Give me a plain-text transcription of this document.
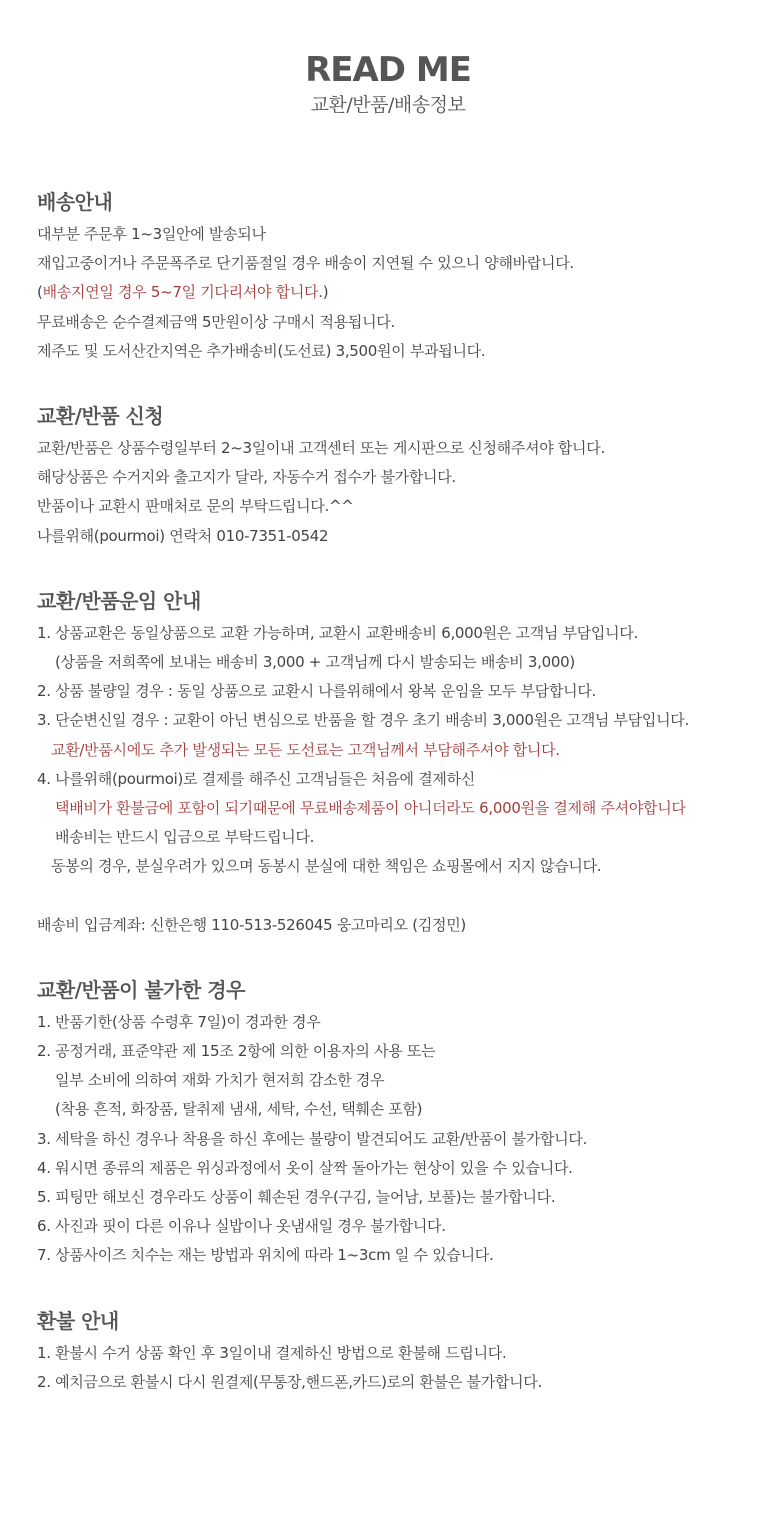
READ ME

교환/반품/배송정보

배송안내

대부분 주문후 1~3일안에 발송되나

재입고중이거나 주문폭주로 단기품절일 경우 배송이 지연될 수 있으니 양해바랍니다.

(배송지연일 경우 5~7일 기다리셔야 합니다.)

무료배송은 순수결제금액 5만원이상 구매시 적용됩니다.

제주도 및 도서산간지역은 추가배송비(도선료) 3,500원이 부과됩니다.

교환/반품 신청

교환/반품은 상품수령일부터 2~3일이내 고객센터 또는 게시판으로 신청해주셔야 합니다.

해당상품은 수거지와 출고지가 달라, 자동수거 접수가 불가합니다.

반품이나 교환시 판매처로 문의 부탁드립니다.^^

나를위해(pourmoi) 연락처 010-7351-0542

교환/반품운임 안내

1. 상품교환은 동일상품으로 교환 가능하며, 교환시 교환배송비 6,000원은 고객님 부담입니다.

(상품을 저희쪽에 보내는 배송비 3,000 + 고객님께 다시 발송되는 배송비 3,000)

2. 상품 불량일 경우 : 동일 상품으로 교환시 나를위해에서 왕복 운임을 모두 부담합니다.

3. 단순변신일 경우 : 교환이 아닌 변심으로 반품을 할 경우 초기 배송비 3,000원은 고객님 부담입니다.

교환/반품시에도 추가 발생되는 모든 도선료는 고객님께서 부담해주셔야 합니다.

4. 나를위해(pourmoi)로 결제를 해주신 고객님들은 처음에 결제하신

택배비가 환불금에 포함이 되기때문에 무료배송제품이 아니더라도 6,000원을 결제해 주셔야합니다

배송비는 반드시 입금으로 부탁드립니다.

동봉의 경우, 분실우려가 있으며 동봉시 분실에 대한 책임은 쇼핑몰에서 지지 않습니다.

배송비 입금계좌: 신한은행 110-513-526045 웅고마리오 (김정민)

교환/반품이 불가한 경우

1. 반품기한(상품 수령후 7일)이 경과한 경우

2. 공정거래, 표준약관 제 15조 2항에 의한 이용자의 사용 또는

일부 소비에 의하여 재화 가치가 현저희 감소한 경우

(착용 흔적, 화장품, 탈취제 냄새, 세탁, 수선, 택훼손 포함)

3. 세탁을 하신 경우나 착용을 하신 후에는 불량이 발견되어도 교환/반품이 불가합니다.

4. 워시면 종류의 제품은 위싱과정에서 옷이 살짝 돌아가는 현상이 있을 수 있습니다.

5. 피팅만 해보신 경우라도 상품이 훼손된 경우(구김, 늘어남, 보풀)는 불가합니다.

6. 사진과 핏이 다른 이유나 실밥이나 옷냄새일 경우 불가합니다.

7. 상품사이즈 치수는 재는 방법과 위치에 따라 1~3cm 일 수 있습니다.

환불 안내

1. 환불시 수거 상품 확인 후 3일이내 결제하신 방법으로 환불해 드립니다.

2. 예치금으로 환불시 다시 원결제(무통장,핸드폰,카드)로의 환불은 불가합니다.
